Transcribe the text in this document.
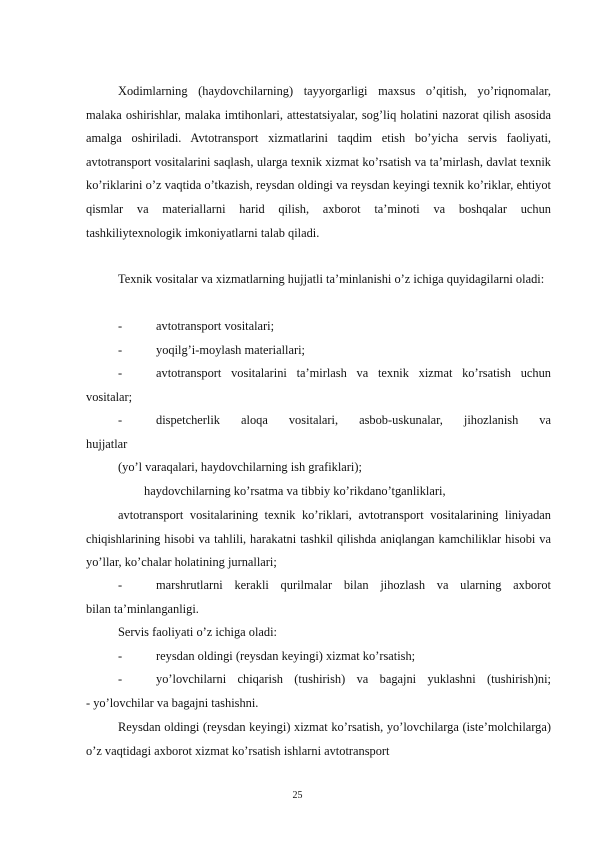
Xodimlarning (haydovchilarning) tayyorgarligi maxsus o’qitish, yo’riqnomalar, malaka oshirishlar, malaka imtihonlari, attestatsiyalar, sog’liq holatini nazorat qilish asosida amalga oshiriladi. Avtotransport xizmatlarini taqdim etish bo’yicha servis faoliyati, avtotransport vositalarini saqlash, ularga texnik xizmat ko’rsatish va ta’mirlash, davlat texnik ko’riklarini o’z vaqtida o’tkazish, reysdan oldingi va reysdan keyingi texnik ko’riklar, ehtiyot qismlar va materiallarni harid qilish, axborot ta’minoti va boshqalar uchun tashkiliytexnologik imkoniyatlarni talab qiladi.
Texnik vositalar va xizmatlarning hujjatli ta’minlanishi o’z ichiga quyidagilarni oladi:
-	avtotransport vositalari;
-	yoqilg’i-moylash materiallari;
-	avtotransport vositalarini ta’mirlash va texnik xizmat ko’rsatish uchun
vositalar;
-	dispetcherlik aloqa vositalari, asbob-uskunalar, jihozlanish va
hujjatlar
(yo’l varaqalari, haydovchilarning ish grafiklari);
haydovchilarning ko’rsatma va tibbiy ko’rikdano’tganliklari,
avtotransport vositalarining texnik ko’riklari, avtotransport vositalarining liniyadan chiqishlarining hisobi va tahlili, harakatni tashkil qilishda aniqlangan kamchiliklar hisobi va yo’llar, ko’chalar holatining jurnallari;
-	marshrutlarni kerakli qurilmalar bilan jihozlash va ularning axborot
bilan ta’minlanganligi.
Servis faoliyati o’z ichiga oladi:
-	reysdan oldingi (reysdan keyingi) xizmat ko’rsatish;
-	yo’lovchilarni chiqarish (tushirish) va bagajni yuklashni (tushirish)ni;
- yo’lovchilar va bagajni tashishni.
Reysdan oldingi (reysdan keyingi) xizmat ko’rsatish, yo’lovchilarga (iste’molchilarga) o’z vaqtidagi axborot xizmat ko’rsatish ishlarni avtotransport
25
